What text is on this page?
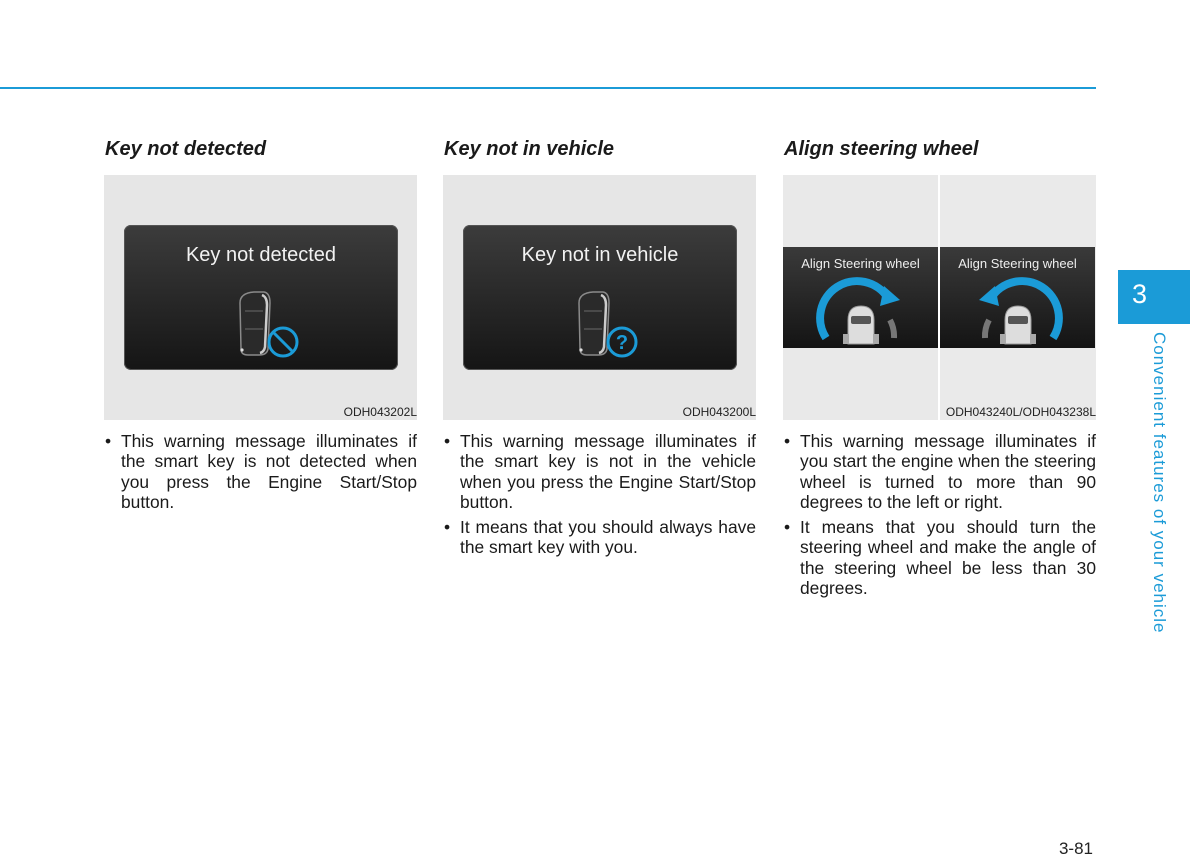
Key not detected
Key not detected
ODH043202L
• This warning message illuminates if the smart key is not detected when you press the Engine Start/Stop button.
Key not in vehicle
Key not in vehicle
?
ODH043200L
• This warning message illuminates if the smart key is not in the vehicle when you press the Engine Start/Stop button.
• It means that you should always have the smart key with you.
Align steering wheel
Align Steering wheel	Align Steering wheel
ODH043240L/ODH043238L
• This warning message illuminates if you start the engine when the steering wheel is turned to more than 90 degrees to the left or right.
• It means that you should turn the steering wheel and make the angle of the steering wheel be less than 30 degrees.
3
Convenient features of your vehicle
3-81
